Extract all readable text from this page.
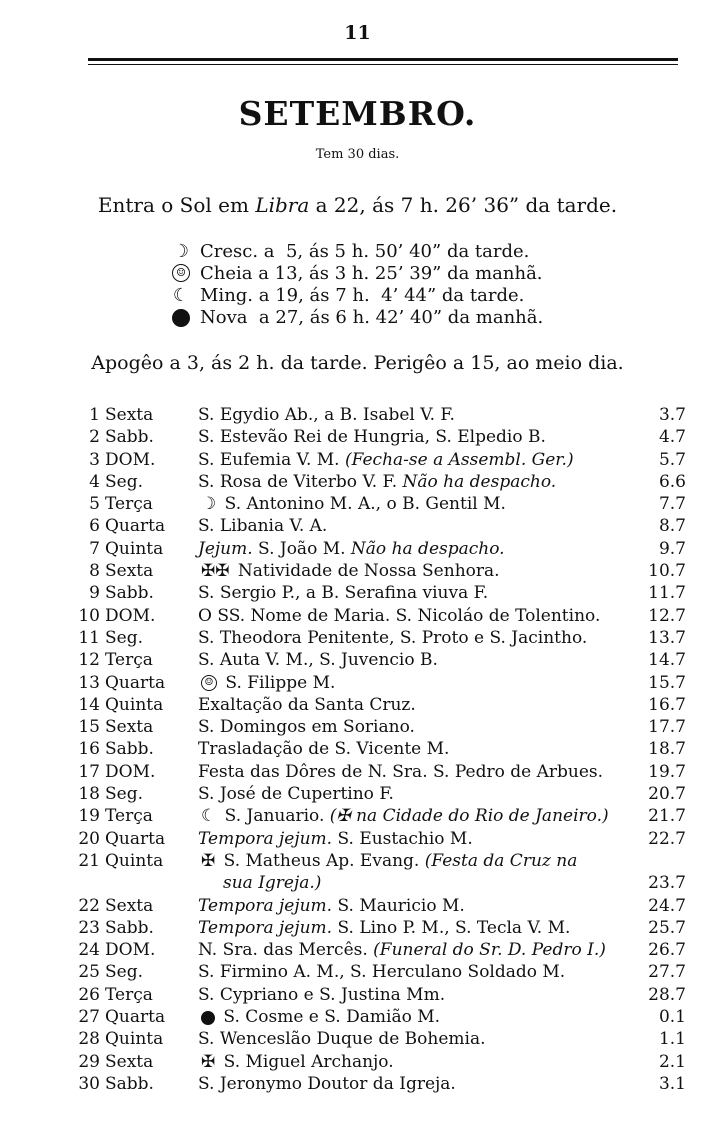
11
SETEMBRO.
Tem 30 dias.
Entra o Sol em Libra a 22, ás 7 h. 26’ 36” da tarde.
☽ Cresc. a  5, ás 5 h. 50’ 40” da tarde.
☺ Cheia a 13, ás 3 h. 25’ 39” da manhã.
☾ Ming. a 19, ás 7 h.  4’ 44” da tarde.
Nova  a 27, ás 6 h. 42’ 40” da manhã.
Apogêo a 3, ás 2 h. da tarde. Perigêo a 15, ao meio dia.
1 Sexta	S. Egydio Ab., a B. Isabel V. F.	3.7
2 Sabb.	S. Estevão Rei de Hungria, S. Elpedio B.	4.7
3 DOM.	S. Eufemia V. M. (Fecha-se a Assembl. Ger.)	5.7
4 Seg.	S. Rosa de Viterbo V. F. Não ha despacho.	6.6
5 Terça	☽ S. Antonino M. A., o B. Gentil M.	7.7
6 Quarta S. Libania V. A.	8.7
7 Quinta Jejum. S. João M. Não ha despacho.	9.7
8 Sexta	✠✠ Natividade de Nossa Senhora.	10.7
9 Sabb.	S. Sergio P., a B. Serafina viuva F.	11.7
10 DOM.	O SS. Nome de Maria. S. Nicoláo de Tolentino.	12.7
11 Seg.	S. Theodora Penitente, S. Proto e S. Jacintho.	13.7
12 Terça	S. Auta V. M., S. Juvencio B.	14.7
13 Quarta	☺ S. Filippe M.	15.7
14 Quinta Exaltação da Santa Cruz.	16.7
15 Sexta	S. Domingos em Soriano.	17.7
16 Sabb.	Trasladação de S. Vicente M.	18.7
17 DOM.	Festa das Dôres de N. Sra. S. Pedro de Arbues.	19.7
18 Seg.	S. José de Cupertino F.	20.7
19 Terça	☾ S. Januario. (✠ na Cidade do Rio de Janeiro.)	21.7
20 Quarta Tempora jejum. S. Eustachio M.	22.7
21 Quinta ✠ S. Matheus Ap. Evang. (Festa da Cruz na
sua Igreja.)	23.7
22 Sexta	Tempora jejum. S. Mauricio M.	24.7
23 Sabb.	Tempora jejum. S. Lino P. M., S. Tecla V. M.	25.7
24 DOM.	N. Sra. das Mercês. (Funeral do Sr. D. Pedro I.)	26.7
25 Seg.	S. Firmino A. M., S. Herculano Soldado M.	27.7
26 Terça	S. Cypriano e S. Justina Mm.	28.7
27 Quarta	S. Cosme e S. Damião M.	0.1
28 Quinta S. Wenceslão Duque de Bohemia.	1.1
29 Sexta	✠ S. Miguel Archanjo.	2.1
30 Sabb.	S. Jeronymo Doutor da Igreja.	3.1
